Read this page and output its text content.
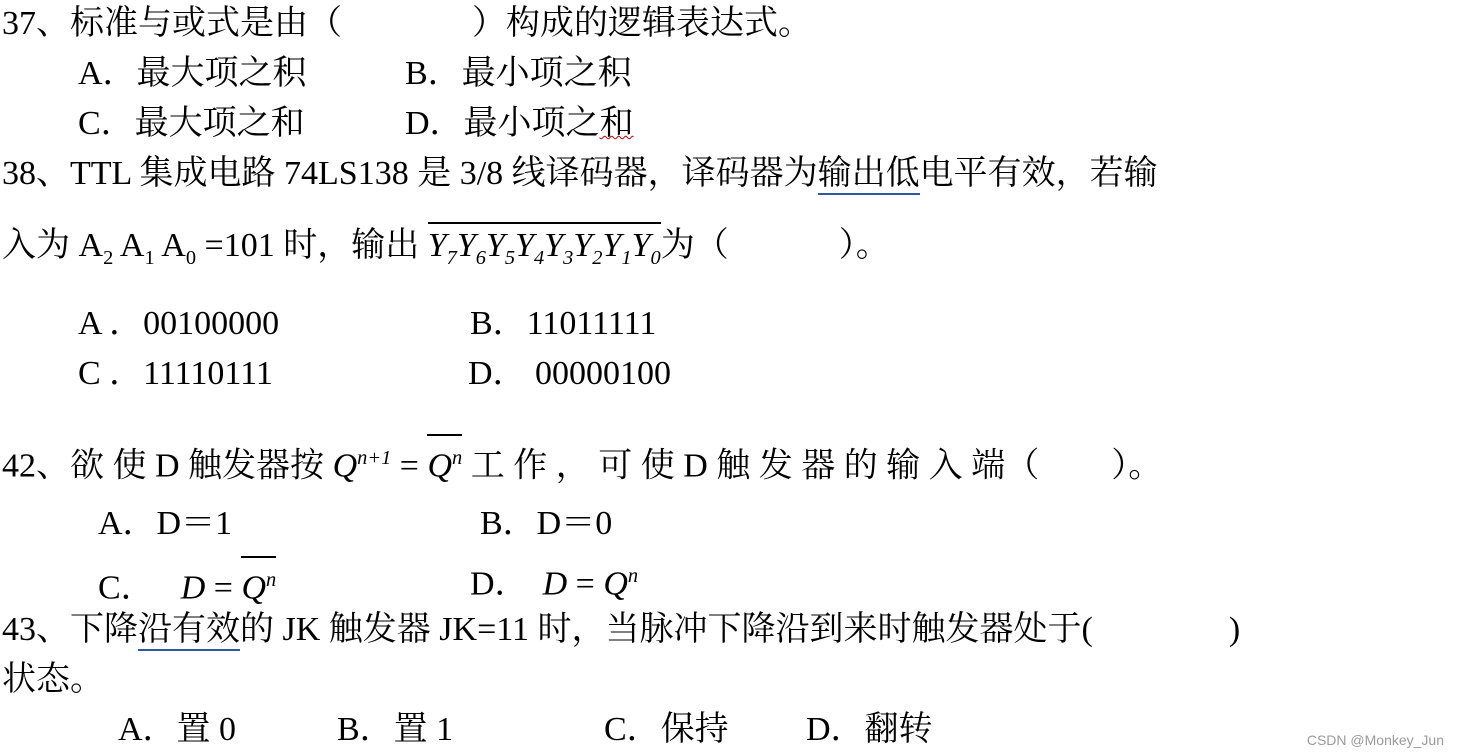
37、标准与或式是由（	）构成的逻辑表达式。
A．最大项之积	B．最小项之积
C．最大项之和	D．最小项之和
38、TTL 集成电路 74LS138 是 3/8 线译码器，译码器为输出低电平有效，若输
入为 $A_2$ $A_1$ $A_0 =101$ 时，输出 $Y_7Y_6Y_5Y_4Y_3Y_2Y_1Y_0$为（	）。
A ．00100000	B．11011111
C ．11110111	D． 00000100
42、欲 使 D 触发器按 $Q^{n+1} = Q^n$ 工 作 ， 可 使 D 触 发 器 的 输 入 端（ ）。
A．D＝1	B．D＝0
C． $D = Q^n$	D． $D = Q^n$
43、下降沿有效的 JK 触发器 JK=11 时，当脉冲下降沿到来时触发器处于(	)
状态。
A．置 0	B．置 1	C．保持 D．翻转	CSDN @Monkey_Jun
